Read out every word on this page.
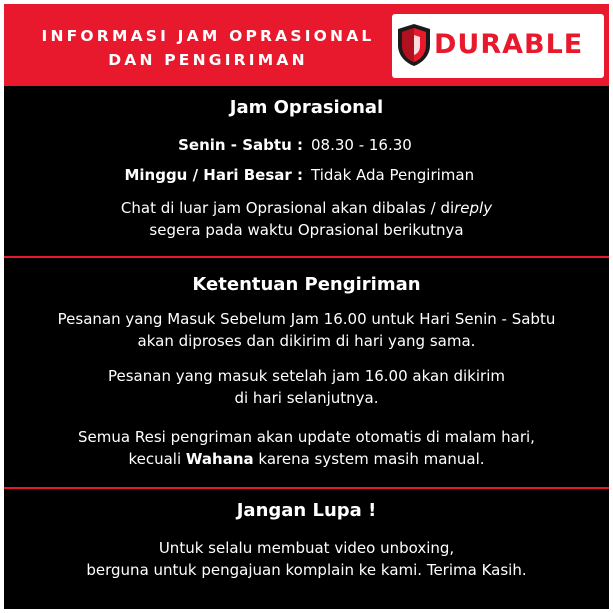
INFORMASI JAM OPRASIONAL
DAN PENGIRIMAN	DURABLE
Jam Oprasional
Senin - Sabtu : 08.30 - 16.30
Minggu / Hari Besar : Tidak Ada Pengiriman
Chat di luar jam Oprasional akan dibalas / direply
segera pada waktu Oprasional berikutnya
Ketentuan Pengiriman
Pesanan yang Masuk Sebelum Jam 16.00 untuk Hari Senin - Sabtu
akan diproses dan dikirim di hari yang sama.
Pesanan yang masuk setelah jam 16.00 akan dikirim
di hari selanjutnya.
Semua Resi pengriman akan update otomatis di malam hari,
kecuali Wahana karena system masih manual.
Jangan Lupa !
Untuk selalu membuat video unboxing,
berguna untuk pengajuan komplain ke kami. Terima Kasih.
